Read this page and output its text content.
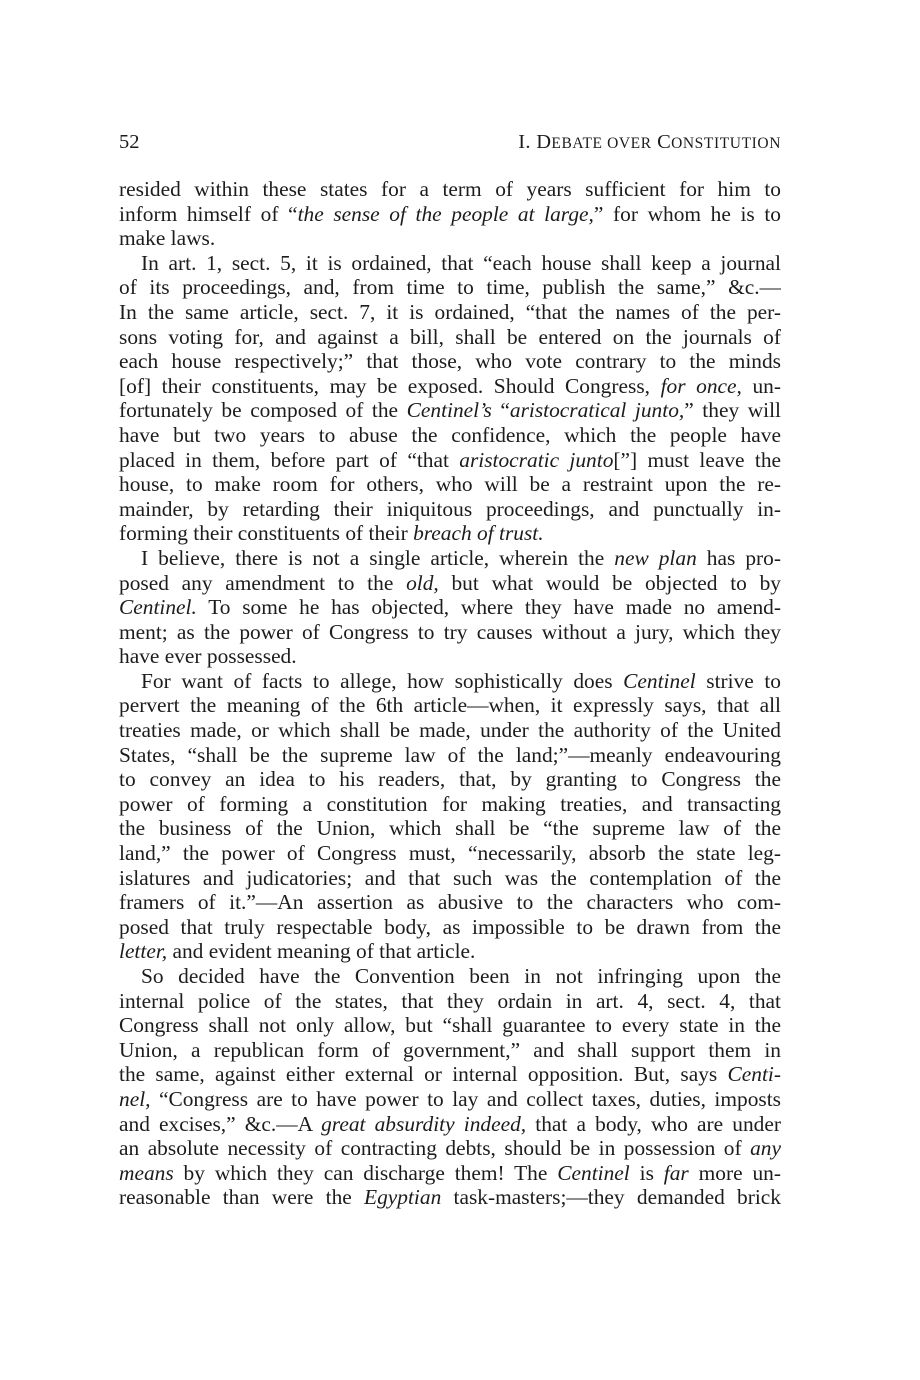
52	I. DEBATE OVER CONSTITUTION
resided within these states for a term of years sufficient for him to
inform himself of “the sense of the people at large,” for whom he is to
make laws.
In art. 1, sect. 5, it is ordained, that “each house shall keep a journal
of its proceedings, and, from time to time, publish the same,” &c.—
In the same article, sect. 7, it is ordained, “that the names of the per-
sons voting for, and against a bill, shall be entered on the journals of
each house respectively;” that those, who vote contrary to the minds
[of] their constituents, may be exposed. Should Congress, for once, un-
fortunately be composed of the Centinel’s “aristocratical junto,” they will
have but two years to abuse the confidence, which the people have
placed in them, before part of “that aristocratic junto[”] must leave the
house, to make room for others, who will be a restraint upon the re-
mainder, by retarding their iniquitous proceedings, and punctually in-
forming their constituents of their breach of trust.
I believe, there is not a single article, wherein the new plan has pro-
posed any amendment to the old, but what would be objected to by
Centinel. To some he has objected, where they have made no amend-
ment; as the power of Congress to try causes without a jury, which they
have ever possessed.
For want of facts to allege, how sophistically does Centinel strive to
pervert the meaning of the 6th article—when, it expressly says, that all
treaties made, or which shall be made, under the authority of the United
States, “shall be the supreme law of the land;”—meanly endeavouring
to convey an idea to his readers, that, by granting to Congress the
power of forming a constitution for making treaties, and transacting
the business of the Union, which shall be “the supreme law of the
land,” the power of Congress must, “necessarily, absorb the state leg-
islatures and judicatories; and that such was the contemplation of the
framers of it.”—An assertion as abusive to the characters who com-
posed that truly respectable body, as impossible to be drawn from the
letter, and evident meaning of that article.
So decided have the Convention been in not infringing upon the
internal police of the states, that they ordain in art. 4, sect. 4, that
Congress shall not only allow, but “shall guarantee to every state in the
Union, a republican form of government,” and shall support them in
the same, against either external or internal opposition. But, says Centi-
nel, “Congress are to have power to lay and collect taxes, duties, imposts
and excises,” &c.—A great absurdity indeed, that a body, who are under
an absolute necessity of contracting debts, should be in possession of any
means by which they can discharge them! The Centinel is far more un-
reasonable than were the Egyptian task-masters;—they demanded brick
